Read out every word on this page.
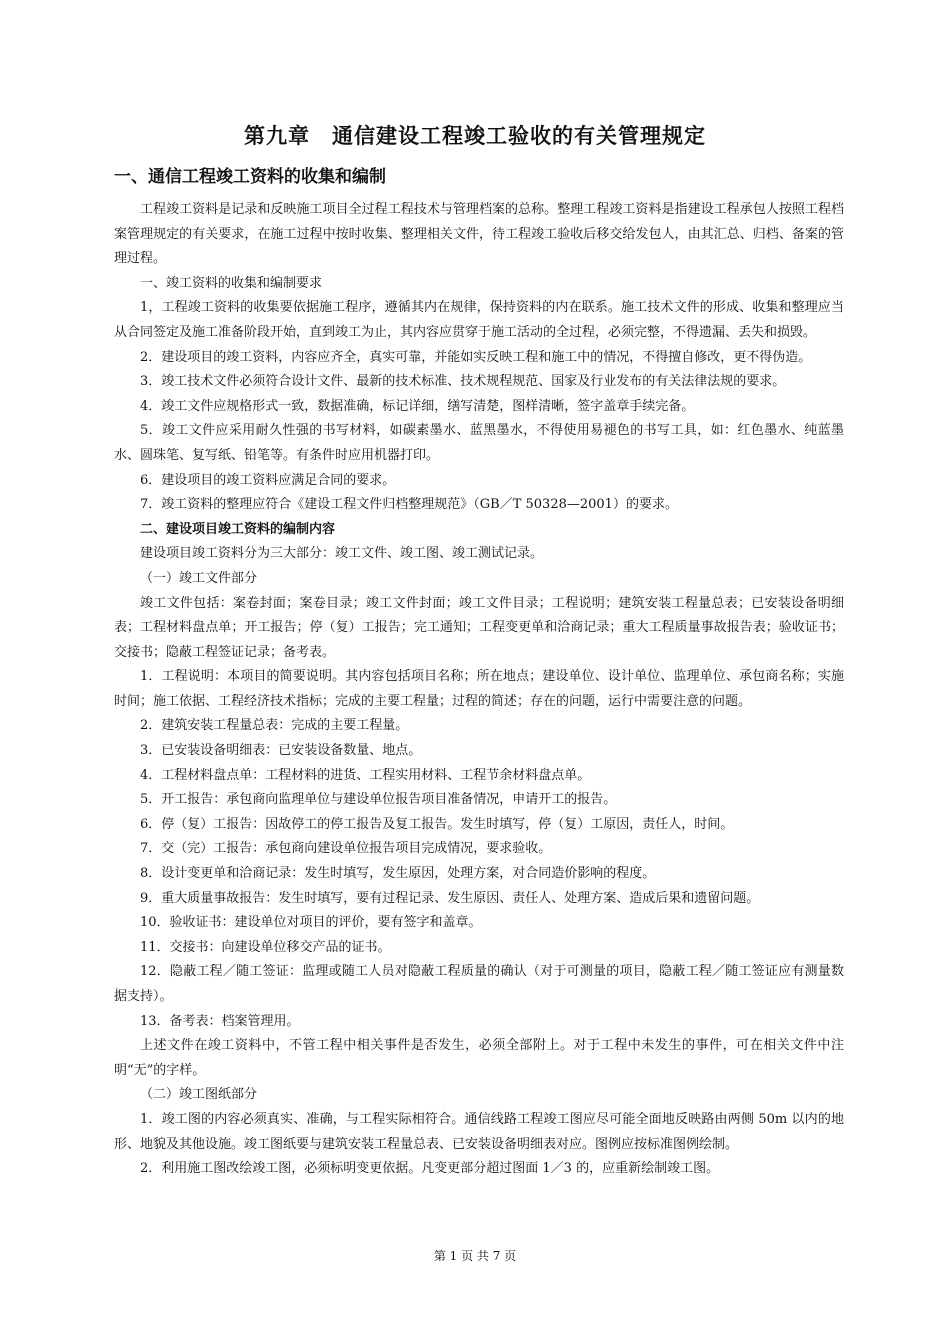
第九章　通信建设工程竣工验收的有关管理规定
一、通信工程竣工资料的收集和编制

工程竣工资料是记录和反映施工项目全过程工程技术与管理档案的总称。整理工程竣工资料是指建设工程承包人按照工程档案管理规定的有关要求，在施工过程中按时收集、整理相关文件，待工程竣工验收后移交给发包人，由其汇总、归档、备案的管理过程。

一、竣工资料的收集和编制要求

1，工程竣工资料的收集要依据施工程序，遵循其内在规律，保持资料的内在联系。施工技术文件的形成、收集和整理应当从合同签定及施工准备阶段开始，直到竣工为止，其内容应贯穿于施工活动的全过程，必须完整，不得遗漏、丢失和损毁。

2．建设项目的竣工资料，内容应齐全，真实可靠，并能如实反映工程和施工中的情况，不得擅自修改，更不得伪造。

3．竣工技术文件必须符合设计文件、最新的技术标准、技术规程规范、国家及行业发布的有关法律法规的要求。

4．竣工文件应规格形式一致，数据准确，标记详细，缮写清楚，图样清晰，签字盖章手续完备。

5．竣工文件应采用耐久性强的书写材料，如碳素墨水、蓝黑墨水，不得使用易褪色的书写工具，如：红色墨水、纯蓝墨水、圆珠笔、复写纸、铅笔等。有条件时应用机器打印。

6．建设项目的竣工资料应满足合同的要求。

7．竣工资料的整理应符合《建设工程文件归档整理规范》（GB／T 50328—2001）的要求。

二、建设项目竣工资料的编制内容

建设项目竣工资料分为三大部分：竣工文件、竣工图、竣工测试记录。

（一）竣工文件部分

竣工文件包括：案卷封面；案卷目录；竣工文件封面；竣工文件目录；工程说明；建筑安装工程量总表；已安装设备明细表；工程材料盘点单；开工报告；停（复）工报告；完工通知；工程变更单和洽商记录；重大工程质量事故报告表；验收证书；交接书；隐蔽工程签证记录；备考表。

1．工程说明：本项目的简要说明。其内容包括项目名称；所在地点；建设单位、设计单位、监理单位、承包商名称；实施时间；施工依据、工程经济技术指标；完成的主要工程量；过程的简述；存在的问题，运行中需要注意的问题。

2．建筑安装工程量总表：完成的主要工程量。

3．已安装设备明细表：已安装设备数量、地点。

4．工程材料盘点单：工程材料的进货、工程实用材料、工程节余材料盘点单。

5．开工报告：承包商向监理单位与建设单位报告项目准备情况，申请开工的报告。

6．停（复）工报告：因故停工的停工报告及复工报告。发生时填写，停（复）工原因，责任人，时间。

7．交（完）工报告：承包商向建设单位报告项目完成情况，要求验收。

8．设计变更单和洽商记录：发生时填写，发生原因，处理方案，对合同造价影响的程度。

9．重大质量事故报告：发生时填写，要有过程记录、发生原因、责任人、处理方案、造成后果和遗留问题。

10．验收证书：建设单位对项目的评价，要有签字和盖章。

11．交接书：向建设单位移交产品的证书。

12．隐蔽工程／随工签证：监理或随工人员对隐蔽工程质量的确认（对于可测量的项目，隐蔽工程／随工签证应有测量数据支持）。

13．备考表：档案管理用。

上述文件在竣工资料中，不管工程中相关事件是否发生，必须全部附上。对于工程中未发生的事件，可在相关文件中注明“无”的字样。

（二）竣工图纸部分

1．竣工图的内容必须真实、准确，与工程实际相符合。通信线路工程竣工图应尽可能全面地反映路由两侧 50m 以内的地形、地貌及其他设施。竣工图纸要与建筑安装工程量总表、已安装设备明细表对应。图例应按标准图例绘制。

2．利用施工图改绘竣工图，必须标明变更依据。凡变更部分超过图面 1／3 的，应重新绘制竣工图。

第 1 页 共 7 页
